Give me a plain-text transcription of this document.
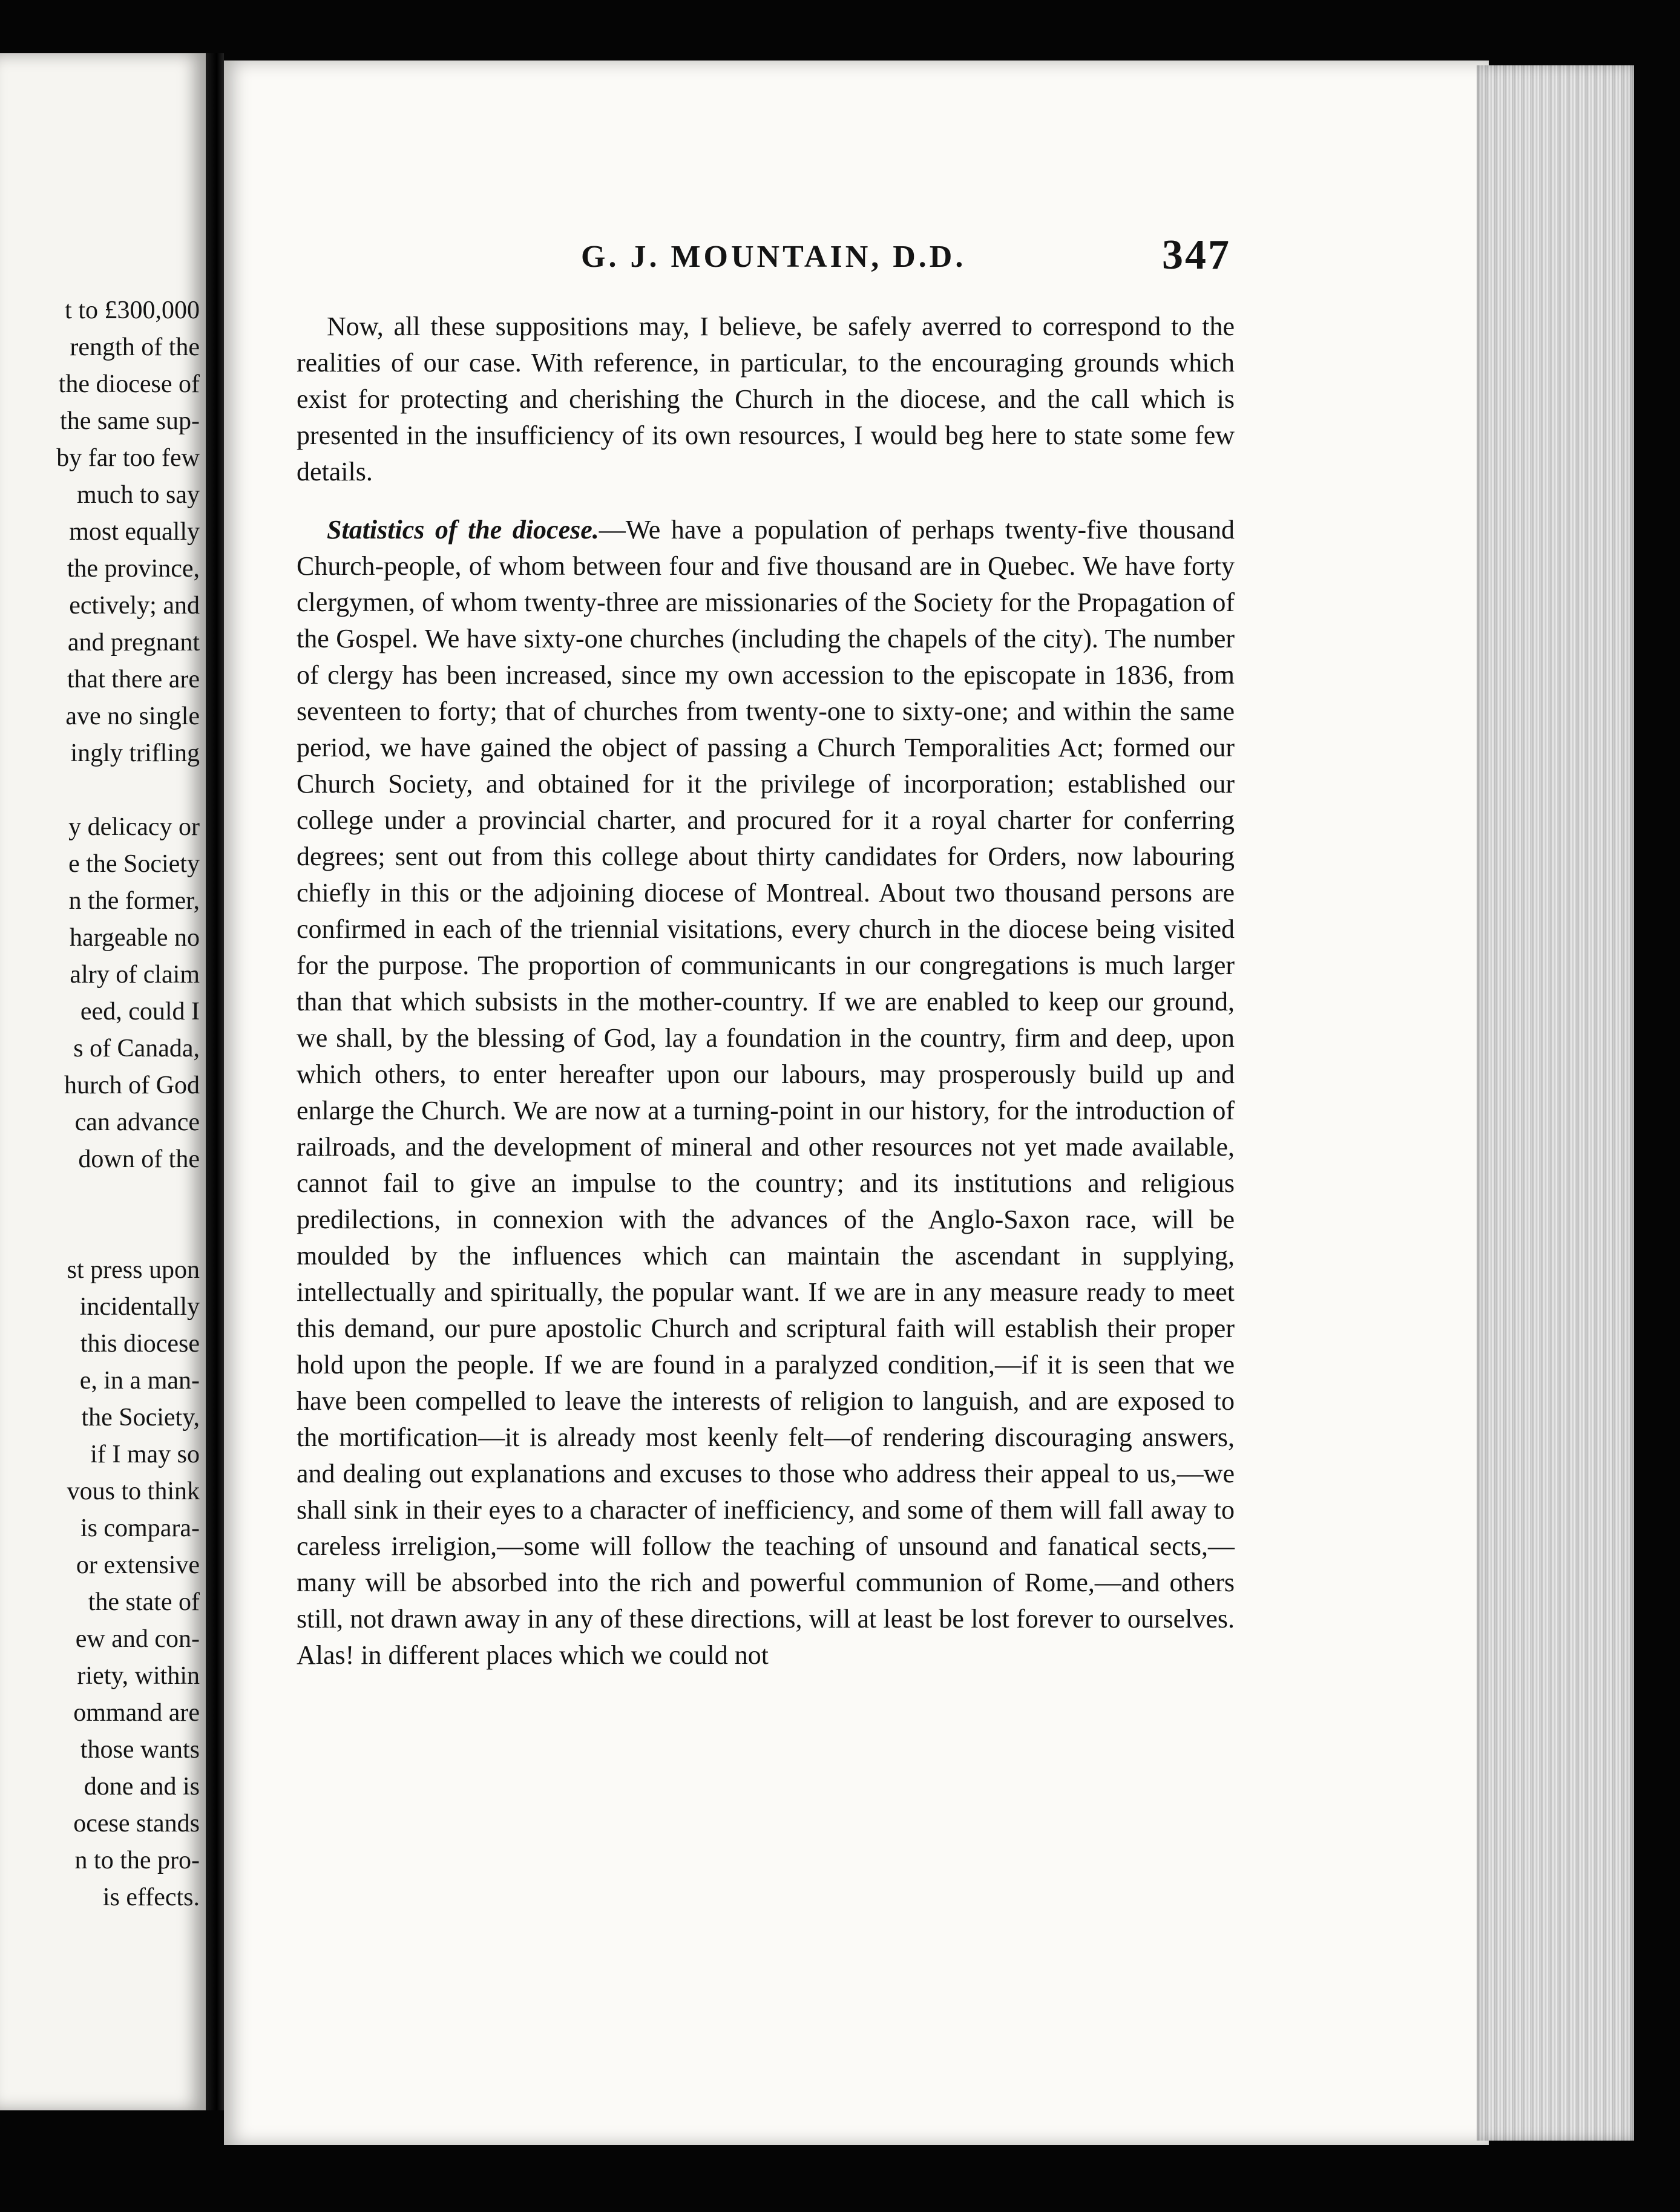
t to £300,000
rength of the
the diocese of
the same sup-
by far too few
much to say
most equally
the province,
ectively; and
and pregnant
that there are
ave no single
ingly trifling
y delicacy or
e the Society
n the former,
hargeable no
alry of claim
eed, could I
s of Canada,
hurch of God
can advance
down of the
st press upon
incidentally
this diocese
e, in a man-
the Society,
if I may so
vous to think
is compara-
or extensive
the state of
ew and con-
riety, within
ommand are
those wants
done and is
ocese stands
n to the pro-
is effects.
G. J. MOUNTAIN, D.D.	347

Now, all these suppositions may, I believe, be safely averred to correspond to the realities of our case. With reference, in particular, to the encouraging grounds which exist for protecting and cherishing the Church in the diocese, and the call which is presented in the insufficiency of its own resources, I would beg here to state some few details.

Statistics of the diocese.—We have a population of perhaps twenty-five thousand Church-people, of whom between four and five thousand are in Quebec. We have forty clergymen, of whom twenty-three are missionaries of the Society for the Propagation of the Gospel. We have sixty-one churches (including the chapels of the city). The number of clergy has been increased, since my own accession to the episcopate in 1836, from seventeen to forty; that of churches from twenty-one to sixty-one; and within the same period, we have gained the object of passing a Church Temporalities Act; formed our Church Society, and obtained for it the privilege of incorporation; established our college under a provincial charter, and procured for it a royal charter for conferring degrees; sent out from this college about thirty candidates for Orders, now labouring chiefly in this or the adjoining diocese of Montreal. About two thousand persons are confirmed in each of the triennial visitations, every church in the diocese being visited for the purpose. The proportion of communicants in our congregations is much larger than that which subsists in the mother-country. If we are enabled to keep our ground, we shall, by the blessing of God, lay a foundation in the country, firm and deep, upon which others, to enter hereafter upon our labours, may prosperously build up and enlarge the Church. We are now at a turning-point in our history, for the introduction of railroads, and the development of mineral and other resources not yet made available, cannot fail to give an impulse to the country; and its institutions and religious predilections, in connexion with the advances of the Anglo-Saxon race, will be moulded by the influences which can maintain the ascendant in supplying, intellectually and spiritually, the popular want. If we are in any measure ready to meet this demand, our pure apostolic Church and scriptural faith will establish their proper hold upon the people. If we are found in a paralyzed condition,—if it is seen that we have been compelled to leave the interests of religion to languish, and are exposed to the mortification—it is already most keenly felt—of rendering discouraging answers, and dealing out explanations and excuses to those who address their appeal to us,—we shall sink in their eyes to a character of inefficiency, and some of them will fall away to careless irreligion,—some will follow the teaching of unsound and fanatical sects,—many will be absorbed into the rich and powerful communion of Rome,—and others still, not drawn away in any of these directions, will at least be lost forever to ourselves. Alas! in different places which we could not
